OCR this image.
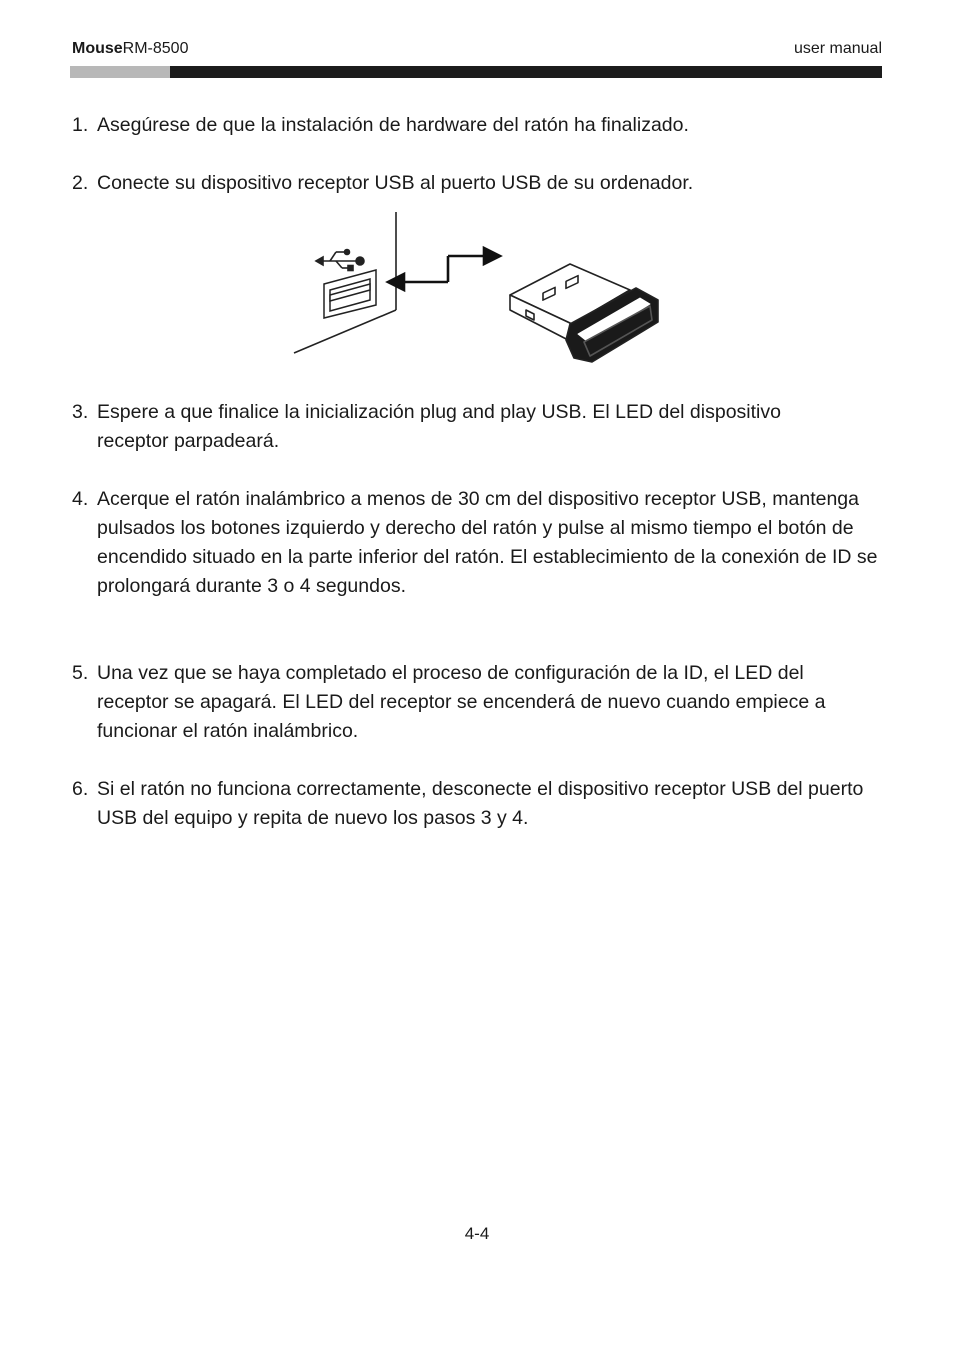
MouseRM-8500	user manual
1. Asegúrese de que la instalación de hardware del ratón ha finalizado.
2. Conecte su dispositivo receptor USB al puerto USB de su ordenador.
3. Espere a que finalice la inicialización plug and play USB. El LED del dispositivo receptor parpadeará.
4. Acerque el ratón inalámbrico a menos de 30 cm del dispositivo receptor USB, mantenga pulsados los botones izquierdo y derecho del ratón y pulse al mismo tiempo el botón de encendido situado en la parte inferior del ratón. El establecimiento de la conexión de ID se prolongará durante 3 o 4 segundos.
5. Una vez que se haya completado el proceso de configuración de la ID, el LED del receptor se apagará. El LED del receptor se encenderá de nuevo cuando empiece a funcionar el ratón inalámbrico.
6. Si el ratón no funciona correctamente, desconecte el dispositivo receptor USB del puerto USB del equipo y repita de nuevo los pasos 3 y 4.
4-4
